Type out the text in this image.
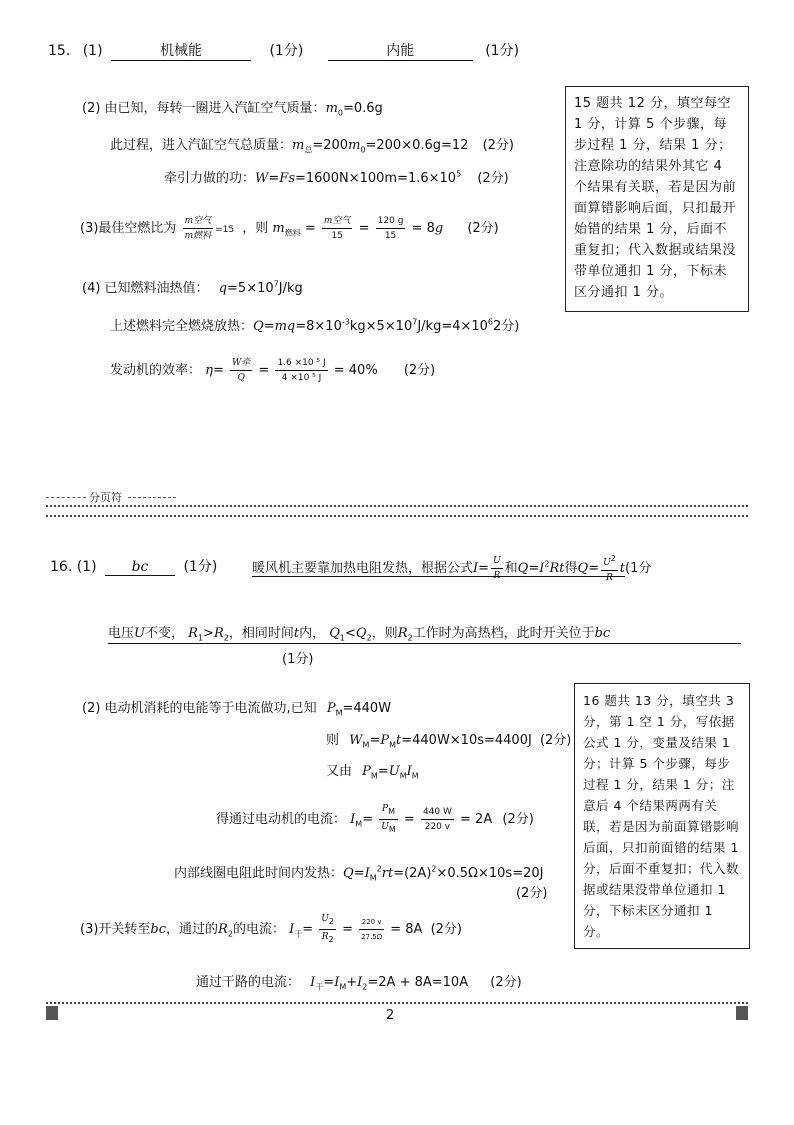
15. (1)	机械能	(1分)	内能	(1分)
(2) 由已知，每转一圈进入汽缸空气质量：$m_0=0.6g$
此过程，进入汽缸空气总质量：$m_总=200m_0=200\times 0.6g=12$ (2分)
牵引力做的功：$W=Fs=1600N\times 100m=1.6\times 10^5$ (2分)
(3)最佳空燃比为 $\frac{\text{m空气}}{\text{m燃料}} =15$ ，则 $m_{燃料} = \frac{\text{m空气}}{15} = \frac{120 g}{15} = 8g$ (2分)
(4) 已知燃料油热值： $q=5\times 10^7J/kg$
上述燃料完全燃烧放热：$Q=mq=8\times 10^{-3}kg\times 5\times 10^7J/kg=4\times 10^62$分)
发动机的效率： $\eta= \frac{\text{W牵}}{Q} = \frac{\text{1.6 ×10 ⁵ J}}{\text{4 ×10 ⁵ J}} = 40\%$ (2分)
15 题共 12 分，填空每空 1 分，计算 5 个步骤，每步过程 1 分，结果 1 分；注意除功的结果外其它 4 个结果有关联，若是因为前面算错影响后面，只扣最开始错的结果 1 分，后面不重复扣；代入数据或结果没带单位通扣 1 分，下标未区分通扣 1 分。
分页符
16. (1)	bc	(1分)	暖风机主要靠加热电阻发热，根据公式$I= \frac{U}{R}$ 和$Q=I^2Rt$得$Q= \frac{U^2}{R} t(1$分
电压U不变， $R_1>R_2$，相同时间t内， $Q_1<Q_2$，则$R_2$工作时为高热档，此时开关位于bc
(1分)
(2) 电动机消耗的电能等于电流做功,已知 $P_M=440W$
则 $W_M=P_Mt=440W\times 10s=4400J$ (2分)
又由 $P_M=U_MI_M$
得通过电动机的电流： $I_M= \frac{P_M}{U_M} = \frac{440 W}{220 v} = 2A$ (2分)
内部线圈电阻此时间内发热：$Q=I_M^2rt=(2A)^2\times 0.5\Omega\times 10s=20J$
(2分)
(3)开关转至bc，通过的$R_2$的电流： $I_干= \frac{U_2}{R_2} = \frac{220 v}{27.5\Omega} = 8A$ (2分)
通过干路的电流： $I_干=I_M+I_2=2A + 8A=10A$ (2分)
16 题共 13 分，填空共 3 分，第 1 空 1 分，写依据公式 1 分，变量及结果 1 分；计算 5 个步骤，每步过程 1 分，结果 1 分；注意后 4 个结果两两有关联，若是因为前面算错影响后面，只扣前面错的结果 1 分，后面不重复扣；代入数据或结果没带单位通扣 1 分，下标未区分通扣 1 分。
2
